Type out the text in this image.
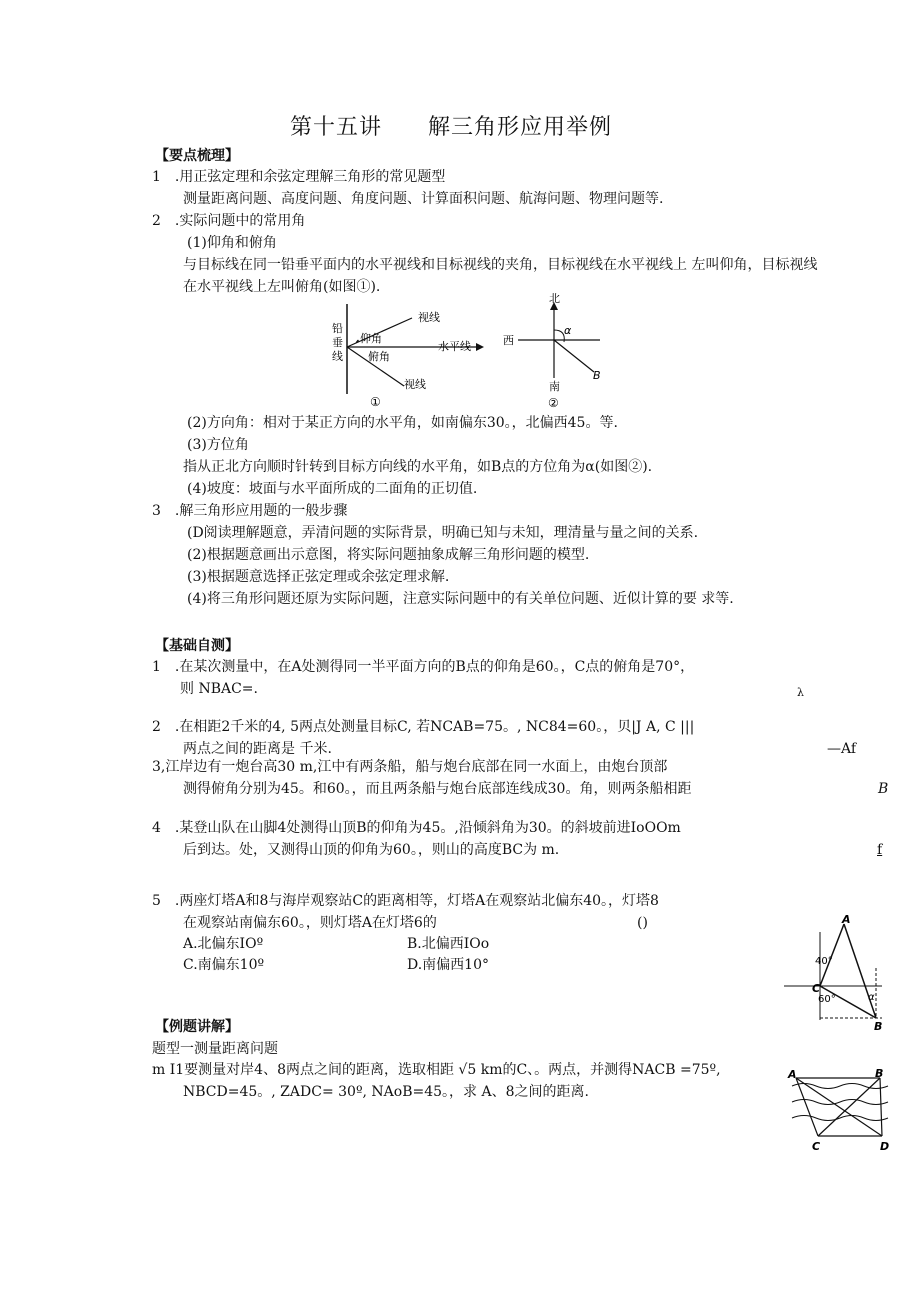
第十五讲　　解三角形应用举例
【要点梳理】
1　.用正弦定理和余弦定理解三角形的常见题型
测量距离问题、高度问题、角度问题、计算面积问题、航海问题、物理问题等.
2　.实际问题中的常用角
(1)仰角和俯角
与目标线在同一铅垂平面内的水平视线和目标视线的夹角，目标视线在水平视线上 左叫仰角，目标视线
在水平视线上左叫俯角(如图①).
铅
垂
线
视线
仰角
俯角
水平线
视线
①
北
西
α
B
南
②
(2)方向角：相对于某正方向的水平角，如南偏东30。，北偏西45。等.
(3)方位角
指从正北方向顺时针转到目标方向线的水平角，如B点的方位角为α(如图②).
(4)坡度：坡面与水平面所成的二面角的正切值.
3　.解三角形应用题的一般步骤
(D阅读理解题意，弄清问题的实际背景，明确已知与未知，理清量与量之间的关系.
(2)根据题意画出示意图，将实际问题抽象成解三角形问题的模型.
(3)根据题意选择正弦定理或余弦定理求解.
(4)将三角形问题还原为实际问题，注意实际问题中的有关单位问题、近似计算的要 求等.
【基础自测】
1　.在某次测量中，在A处测得同一半平面方向的B点的仰角是60。，C点的俯角是70°，
则 NBAC=.	λ
2　.在相距2千米的4, 5两点处测量目标C, 若NCAB=75。, NC84=60。，贝|J A, C |||
两点之间的距离是 千米.	—Af
3,江岸边有一炮台高30 m,江中有两条船，船与炮台底部在同一水面上，由炮台顶部
测得俯角分别为45。和60。，而且两条船与炮台底部连线成30。角，则两条船相距	B
4　.某登山队在山脚4处测得山顶B的仰角为45。,沿倾斜角为30。的斜坡前进IoOOm
后到达。处，又测得山顶的仰角为60。，则山的高度BC为 m.	f
5　.两座灯塔A和8与海岸观察站C的距离相等，灯塔A在观察站北偏东40。，灯塔8
在观察站南偏东60。，则灯塔A在灯塔6的	()
A.北偏东IOº	B.北偏西IOo
C.南偏东10º	D.南偏西10°
A
C
B
40°
60°	α
【例题讲解】
题型一测量距离问题
m I1要测量对岸4、8两点之间的距离，选取相距 √5 km的C、。两点，并测得NACB =75º,
NBCD=45。, ZADC= 30º, NAoB=45。，求 A、8之间的距离.
A	B
C	D
